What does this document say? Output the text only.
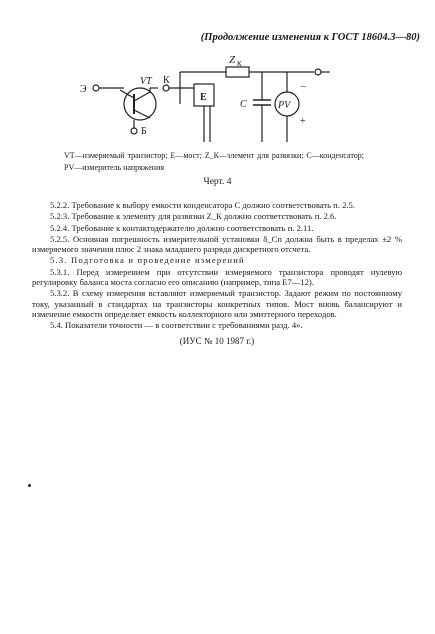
(Продолжение изменения к ГОСТ 18604.3—80)
Э
VT К
Б
E
Z К
C	PV
−
+
VT—измеряемый транзистор; Е—мост; Z_К—элемент для развязки; С—конденсатор; PV—измеритель напряжения
Черт. 4

5.2.2. Требование к выбору емкости конденсатора С должно соответствовать п. 2.5.

5.2.3. Требование к элементу для развязки Z_К должно соответствовать п. 2.6.

5.2.4. Требование к контактодержателю должно соответствовать п. 2.11.

5.2.5. Основная погрешность измерительной установки δ_Сп должна быть в пределах ±2 % измеряемого значения плюс 2 знака младшего разряда дискретного отсчета.

5.3. Подготовка и проведение измерений

5.3.1. Перед измерением при отсутствии измеряемого транзистора проводят нулевую регулировку баланса моста согласно его описанию (например, типа Е7—12).

5.3.2. В схему измерения вставляют измеряемый транзистор. Задают режим по постоянному току, указанный в стандартах на транзисторы конкретных типов. Мост вновь балансируют и изменение емкости определяет емкость коллекторного или эмиттерного переходов.

5.4. Показатели точности — в соответствии с требованиями разд. 4».

(ИУС № 10 1987 г.)
